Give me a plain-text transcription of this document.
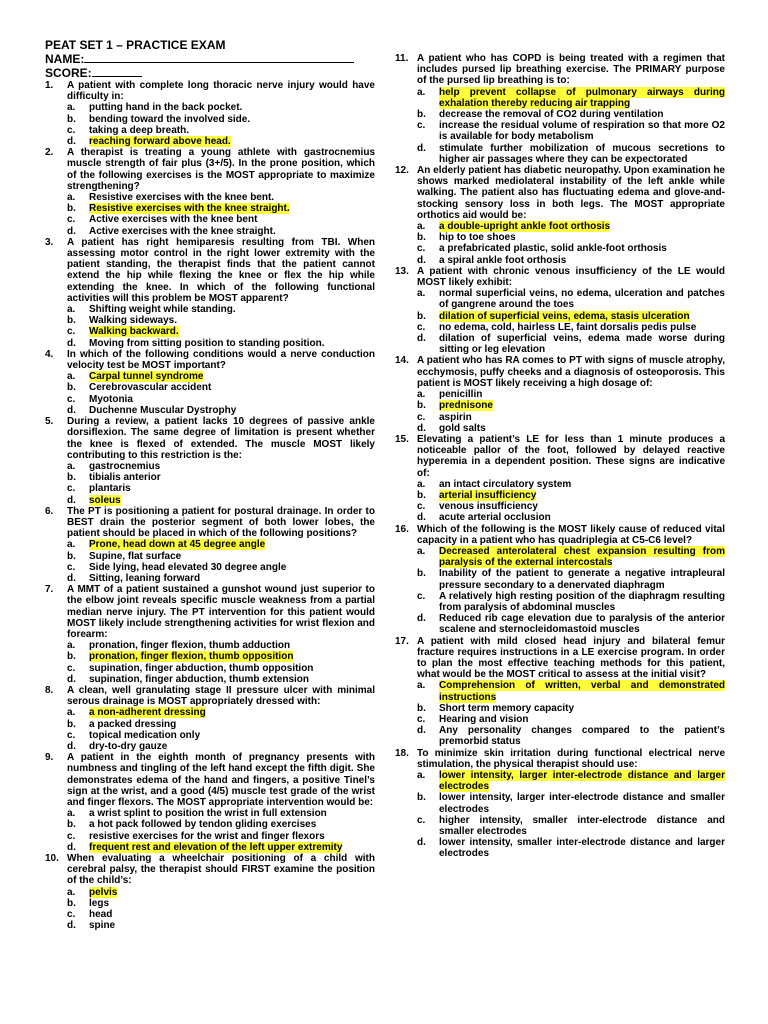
PEAT SET 1 – PRACTICE EXAM
NAME:
SCORE:
1.	A patient with complete long thoracic nerve injury would have difficulty in:
a.	putting hand in the back pocket.
b.	bending toward the involved side.
c.	taking a deep breath.
d.	reaching forward above head.
2.	A therapist is treating a young athlete with gastrocnemius muscle strength of fair plus (3+/5). In the prone position, which of the following exercises is the MOST appropriate to maximize strengthening?
a.	Resistive exercises with the knee bent.
b.	Resistive exercises with the knee straight.
c.	Active exercises with the knee bent
d.	Active exercises with the knee straight.
3.	A patient has right hemiparesis resulting from TBI. When assessing motor control in the right lower extremity with the patient standing, the therapist finds that the patient cannot extend the hip while flexing the knee or flex the hip while extending the knee. In which of the following functional activities will this problem be MOST apparent?
a.	Shifting weight while standing.
b.	Walking sideways.
c.	Walking backward.
d.	Moving from sitting position to standing position.
4.	In which of the following conditions would a nerve conduction velocity test be MOST important?
a.	Carpal tunnel syndrome
b.	Cerebrovascular accident
c.	Myotonia
d.	Duchenne Muscular Dystrophy
5.	During a review, a patient lacks 10 degrees of passive ankle dorsiflexion. The same degree of limitation is present whether the knee is flexed of extended. The muscle MOST likely contributing to this restriction is the:
a.	gastrocnemius
b.	tibialis anterior
c.	plantaris
d.	soleus
6.	The PT is positioning a patient for postural drainage. In order to BEST drain the posterior segment of both lower lobes, the patient should be placed in which of the following positions?
a.	Prone, head down at 45 degree angle
b.	Supine, flat surface
c.	Side lying, head elevated 30 degree angle
d.	Sitting, leaning forward
7.	A MMT of a patient sustained a gunshot wound just superior to the elbow joint reveals specific muscle weakness from a partial median nerve injury. The PT intervention for this patient would MOST likely include strengthening activities for wrist flexion and forearm:
a.	pronation, finger flexion, thumb adduction
b.	pronation, finger flexion, thumb opposition
c.	supination, finger abduction, thumb opposition
d.	supination, finger abduction, thumb extension
8.	A clean, well granulating stage II pressure ulcer with minimal serous drainage is MOST appropriately dressed with:
a.	a non-adherent dressing
b.	a packed dressing
c.	topical medication only
d.	dry-to-dry gauze
9.	A patient in the eighth month of pregnancy presents with numbness and tingling of the left hand except the fifth digit. She demonstrates edema of the hand and fingers, a positive Tinel’s sign at the wrist, and a good (4/5) muscle test grade of the wrist and finger flexors. The MOST appropriate intervention would be:
a.	a wrist splint to position the wrist in full extension
b.	a hot pack followed by tendon gliding exercises
c.	resistive exercises for the wrist and finger flexors
d.	frequent rest and elevation of the left upper extremity
10. When evaluating a wheelchair positioning of a child with cerebral palsy, the therapist should FIRST examine the position of the child’s:
a.	pelvis
b.	legs
c.	head
d.	spine
11. A patient who has COPD is being treated with a regimen that includes pursed lip breathing exercise. The PRIMARY purpose of the pursed lip breathing is to:
a.	help prevent collapse of pulmonary airways during exhalation thereby reducing air trapping
b.	decrease the removal of CO2 during ventilation
c.	increase the residual volume of respiration so that more O2 is available for body metabolism
d.	stimulate further mobilization of mucous secretions to higher air passages where they can be expectorated
12. An elderly patient has diabetic neuropathy. Upon examination he shows marked mediolateral instability of the left ankle while walking. The patient also has fluctuating edema and glove-and-stocking sensory loss in both legs. The MOST appropriate orthotics aid would be:
a.	a double-upright ankle foot orthosis
b.	hip to toe shoes
c.	a prefabricated plastic, solid ankle-foot orthosis
d.	a spiral ankle foot orthosis
13. A patient with chronic venous insufficiency of the LE would MOST likely exhibit:
a.	normal superficial veins, no edema, ulceration and patches of gangrene around the toes
b.	dilation of superficial veins, edema, stasis ulceration
c.	no edema, cold, hairless LE, faint dorsalis pedis pulse
d.	dilation of superficial veins, edema made worse during sitting or leg elevation
14. A patient who has RA comes to PT with signs of muscle atrophy, ecchymosis, puffy cheeks and a diagnosis of osteoporosis. This patient is MOST likely receiving a high dosage of:
a.	penicillin
b.	prednisone
c.	aspirin
d.	gold salts
15. Elevating a patient’s LE for less than 1 minute produces a noticeable pallor of the foot, followed by delayed reactive hyperemia in a dependent position. These signs are indicative of:
a.	an intact circulatory system
b.	arterial insufficiency
c.	venous insufficiency
d.	acute arterial occlusion
16. Which of the following is the MOST likely cause of reduced vital capacity in a patient who has quadriplegia at C5-C6 level?
a.	Decreased anterolateral chest expansion resulting from paralysis of the external intercostals
b.	Inability of the patient to generate a negative intrapleural pressure secondary to a denervated diaphragm
c.	A relatively high resting position of the diaphragm resulting from paralysis of abdominal muscles
d.	Reduced rib cage elevation due to paralysis of the anterior scalene and sternocleidomastoid muscles
17. A patient with mild closed head injury and bilateral femur fracture requires instructions in a LE exercise program. In order to plan the most effective teaching methods for this patient, what would be the MOST critical to assess at the initial visit?
a.	Comprehension of written, verbal and demonstrated instructions
b.	Short term memory capacity
c.	Hearing and vision
d.	Any personality changes compared to the patient’s premorbid status
18. To minimize skin irritation during functional electrical nerve stimulation, the physical therapist should use:
a.	lower intensity, larger inter-electrode distance and larger electrodes
b.	lower intensity, larger inter-electrode distance and smaller electrodes
c.	higher intensity, smaller inter-electrode distance and smaller electrodes
d.	lower intensity, smaller inter-electrode distance and larger electrodes
